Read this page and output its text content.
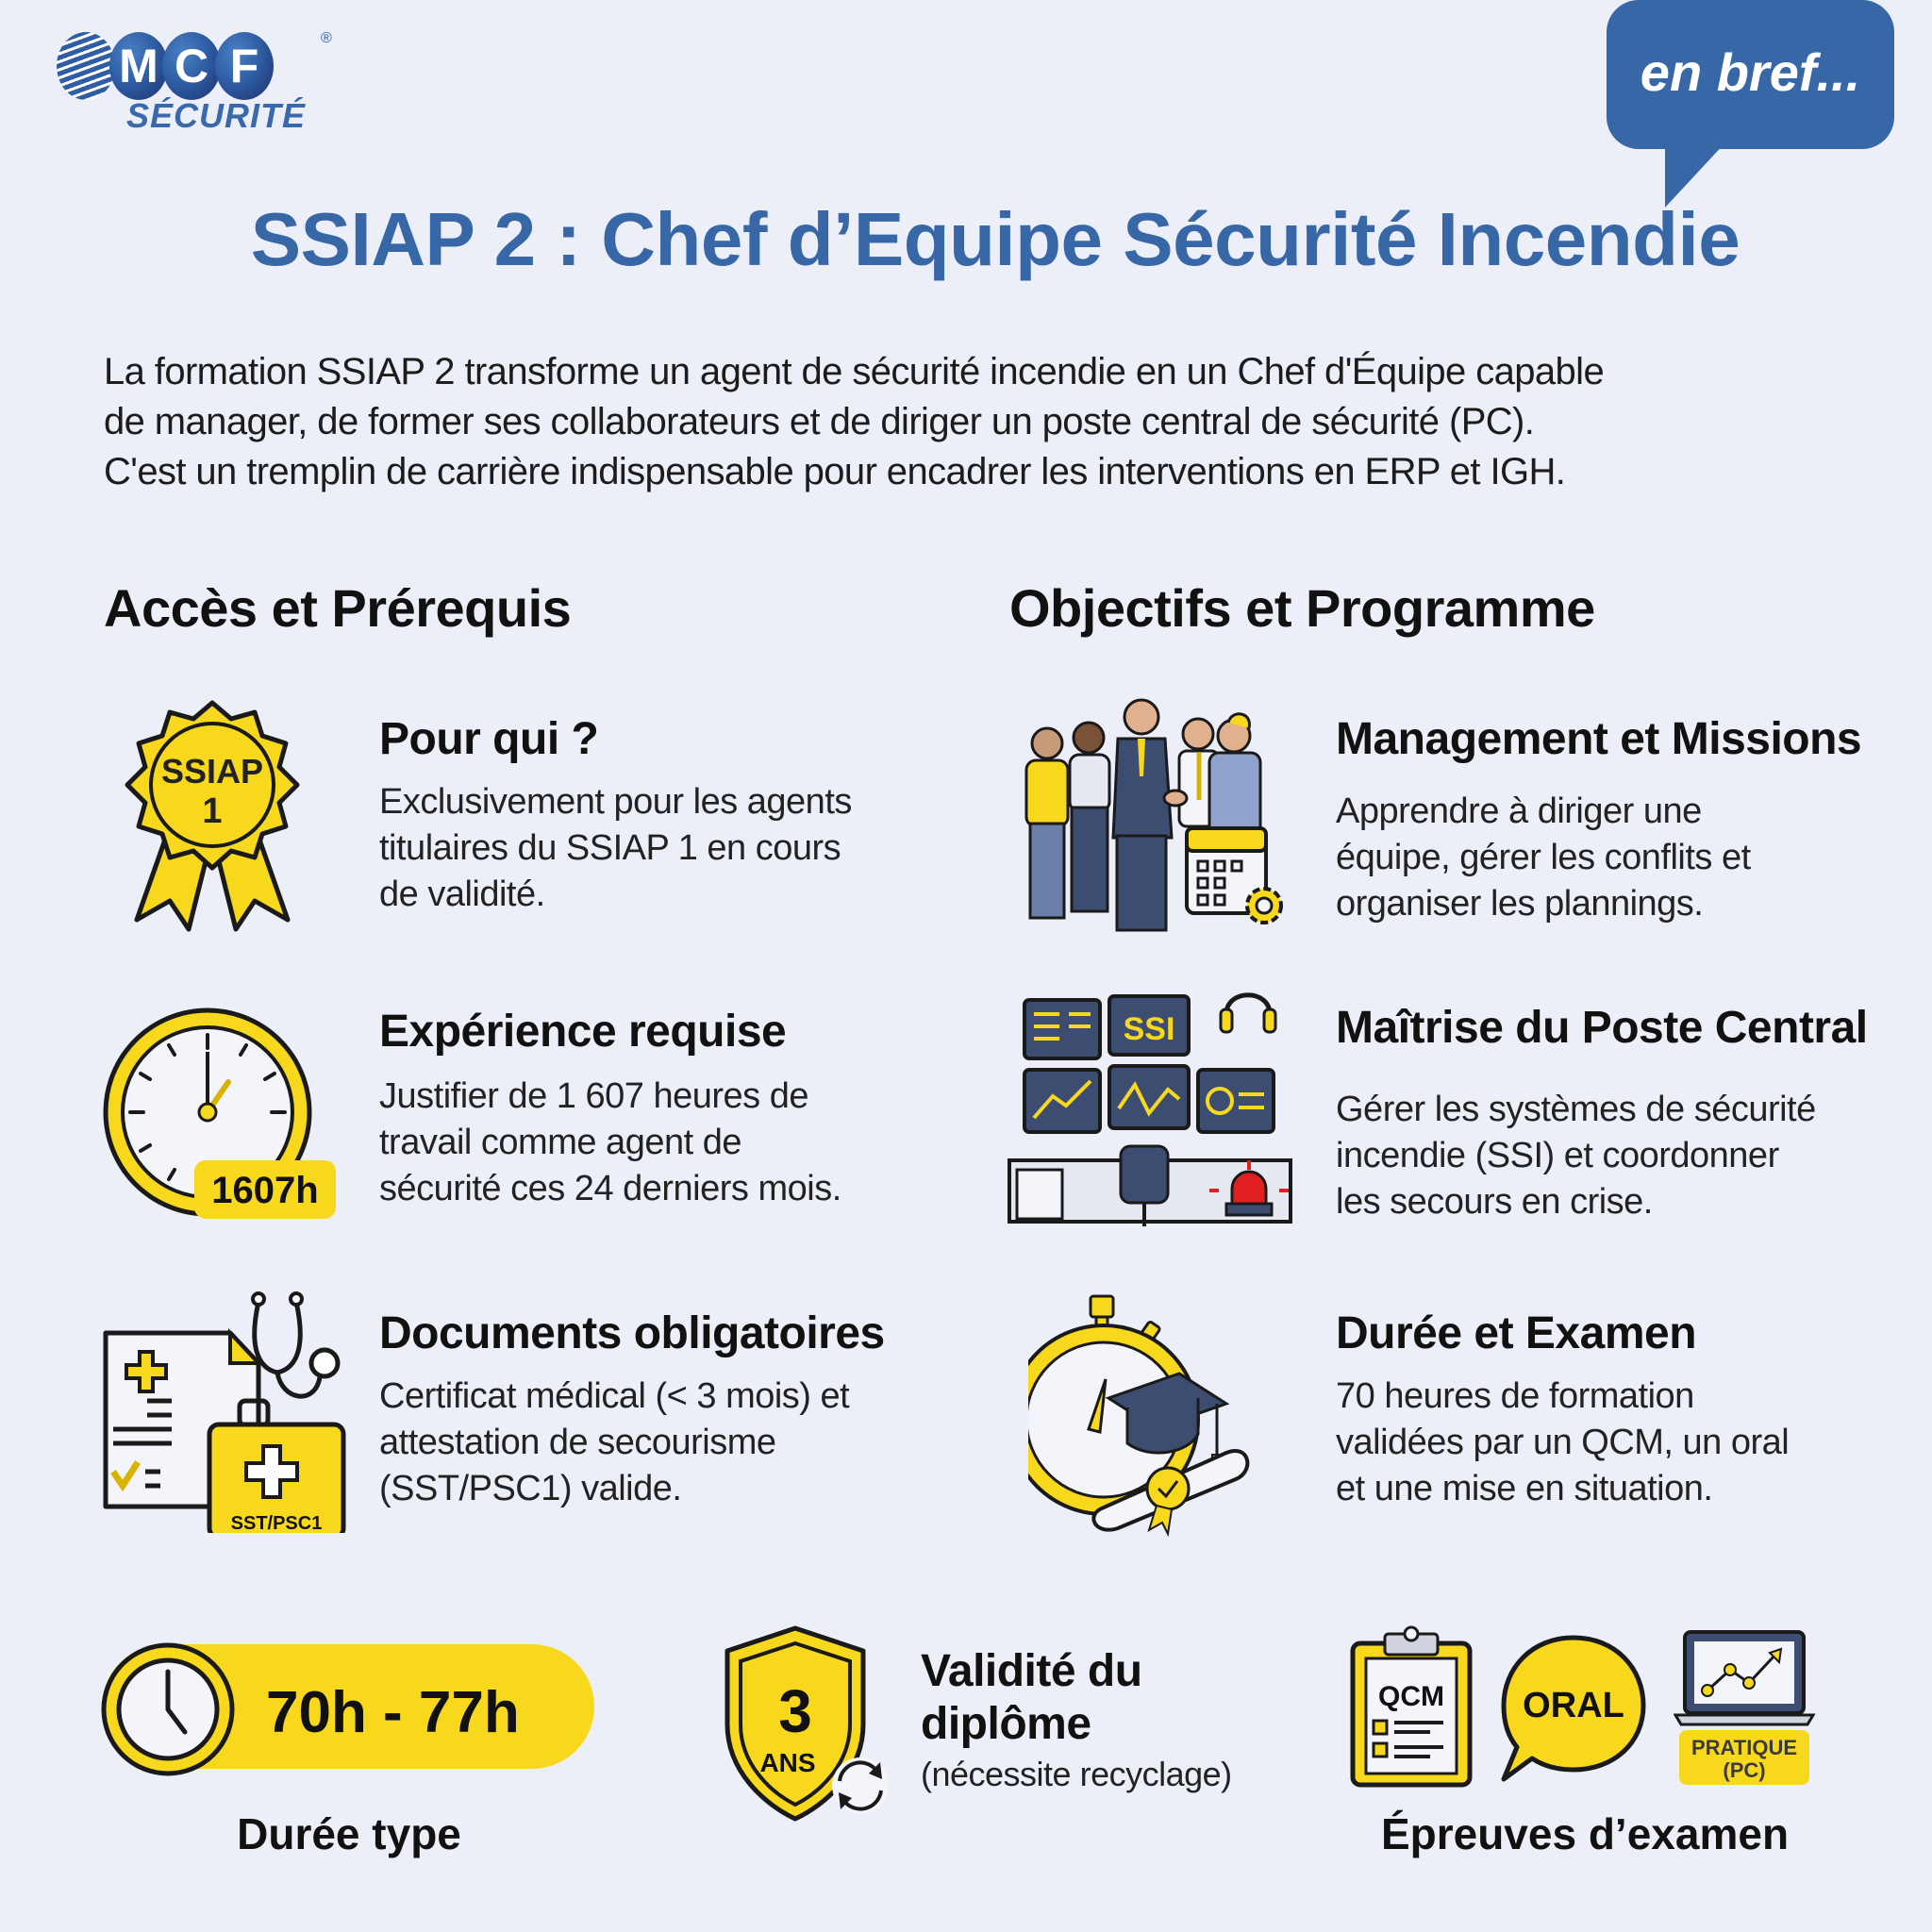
M C F
®
SÉCURITÉ
en bref...
SSIAP 2 : Chef d’Equipe Sécurité Incendie
La formation SSIAP 2 transforme un agent de sécurité incendie en un Chef d'Équipe capable
de manager, de former ses collaborateurs et de diriger un poste central de sécurité (PC).
C'est un tremplin de carrière indispensable pour encadrer les interventions en ERP et IGH.
Accès et Prérequis	Objectifs et Programme
SSIAP
1
Pour qui ?
Exclusivement pour les agents
titulaires du SSIAP 1 en cours
de validité.
1607h
Expérience requise
Justifier de 1 607 heures de
travail comme agent de
sécurité ces 24 derniers mois.
SST/PSC1
Documents obligatoires
Certificat médical (< 3 mois) et
attestation de secourisme
(SST/PSC1) valide.
Management et Missions
Apprendre à diriger une
équipe, gérer les conflits et
organiser les plannings.
SSI	Maîtrise du Poste Central
Gérer les systèmes de sécurité
incendie (SSI) et coordonner
les secours en crise.
Durée et Examen
70 heures de formation
validées par un QCM, un oral
et une mise en situation.
70h - 77h
Durée type
3
ANS
Validité du
diplôme
(nécessite recyclage)
QCM ORAL
PRATIQUE
(PC)
Épreuves d’examen
